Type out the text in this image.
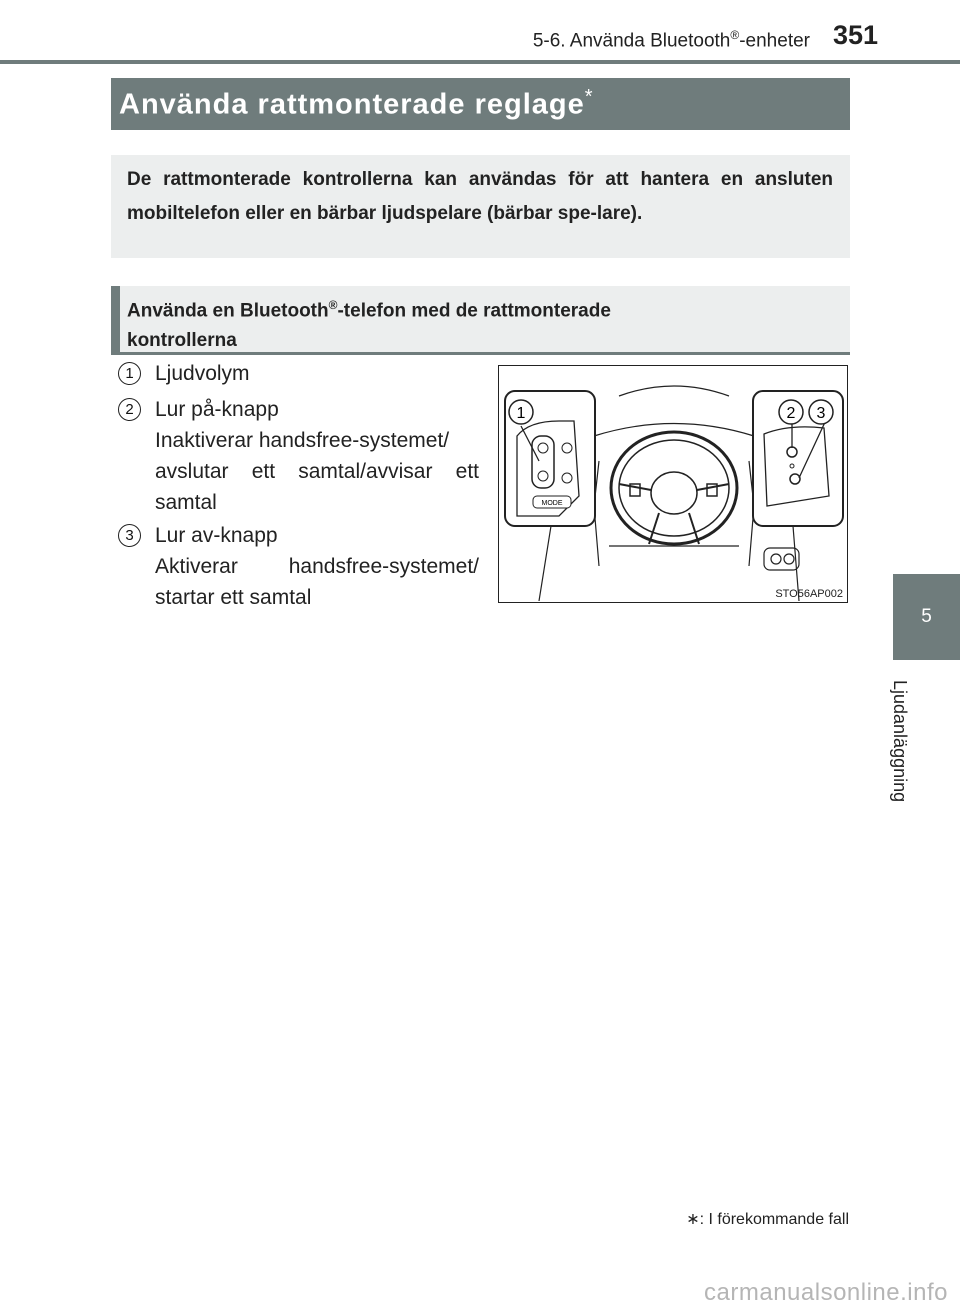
5-6. Använda Bluetooth®-enheter 351
5
Ljudanläggning
Använda rattmonterade reglage*

De rattmonterade kontrollerna kan användas för att hantera en ansluten mobiltelefon eller en bärbar ljudspelare (bärbar spe-lare).

Använda en Bluetooth®-telefon med de rattmonterade
kontrollerna

1	Ljudvolym
2	Lur på-knapp
Inaktiverar handsfree-systemet/
avslutar ett samtal/avvisar ett
samtal
3	Lur av-knapp
Aktiverar handsfree-systemet/
startar ett samtal
MODE
1	2 3
STO56AP002
∗: I förekommande fall
carmanualsonline.info
